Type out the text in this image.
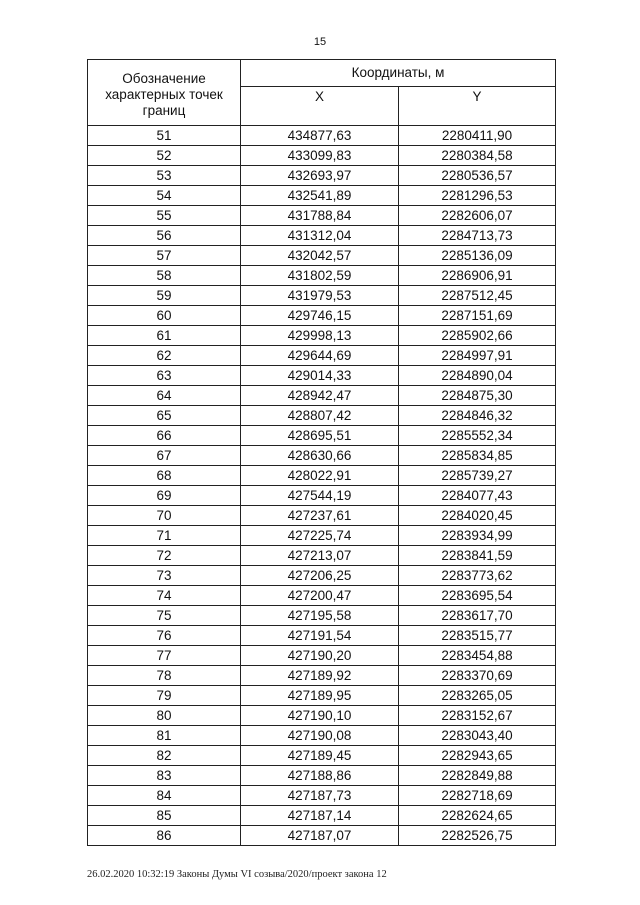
15
Обозначение
характерных точек
границ	Координаты, м	
	X	Y
51	434877,63	2280411,90
52	433099,83	2280384,58
53	432693,97	2280536,57
54	432541,89	2281296,53
55	431788,84	2282606,07
56	431312,04	2284713,73
57	432042,57	2285136,09
58	431802,59	2286906,91
59	431979,53	2287512,45
60	429746,15	2287151,69
61	429998,13	2285902,66
62	429644,69	2284997,91
63	429014,33	2284890,04
64	428942,47	2284875,30
65	428807,42	2284846,32
66	428695,51	2285552,34
67	428630,66	2285834,85
68	428022,91	2285739,27
69	427544,19	2284077,43
70	427237,61	2284020,45
71	427225,74	2283934,99
72	427213,07	2283841,59
73	427206,25	2283773,62
74	427200,47	2283695,54
75	427195,58	2283617,70
76	427191,54	2283515,77
77	427190,20	2283454,88
78	427189,92	2283370,69
79	427189,95	2283265,05
80	427190,10	2283152,67
81	427190,08	2283043,40
82	427189,45	2282943,65
83	427188,86	2282849,88
84	427187,73	2282718,69
85	427187,14	2282624,65
86	427187,07	2282526,75
26.02.2020 10:32:19 Законы Думы VI созыва/2020/проект закона 12
